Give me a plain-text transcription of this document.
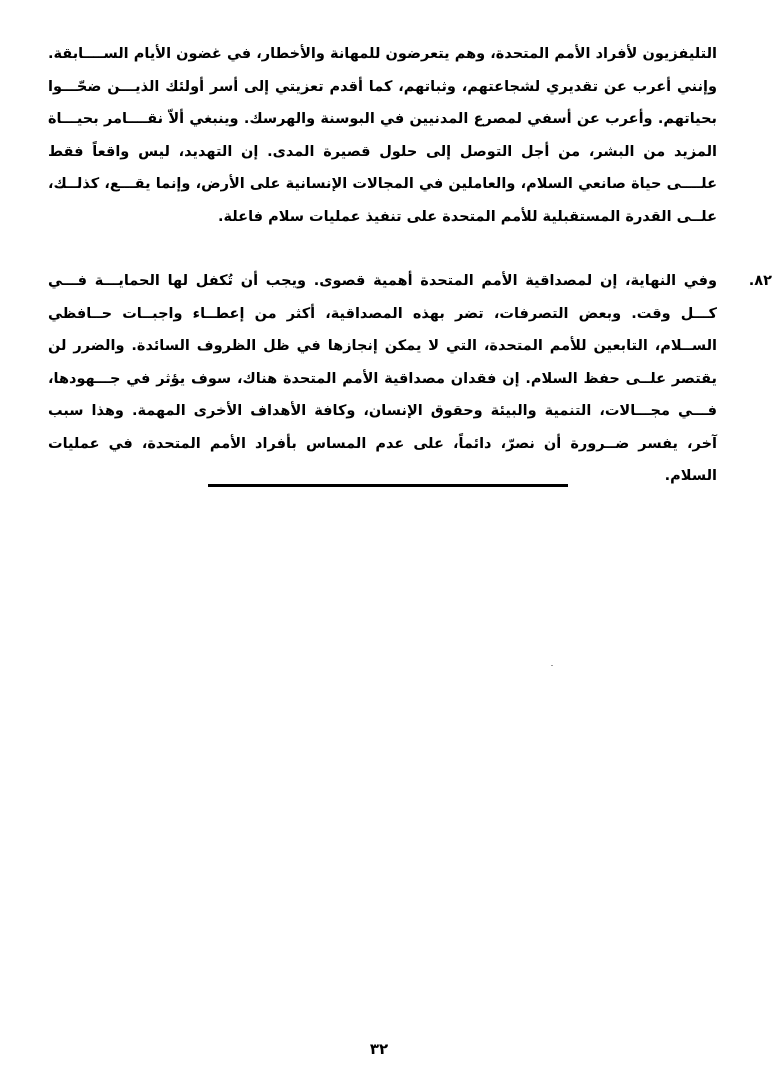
التليفزيون لأفراد الأمم المتحدة، وهم يتعرضون للمهانة والأخطار، في غضون الأيام الســــابقة. وإنني أعرب عن تقديري لشجاعتهم، وثباتهم، كما أقدم تعزيتي إلى أسر أولئك الذيـــن ضحّـــوا بحياتهم. وأعرب عن أسفي لمصرع المدنيين في البوسنة والهرسك. وينبغي ألاّ نقــــامر بحيـــاة المزيد من البشر، من أجل التوصل إلى حلول قصيرة المدى. إن التهديد، ليس واقعاً فقط علــــى حياة صانعي السلام، والعاملين في المجالات الإنسانية على الأرض، وإنما يقـــع، كذلــك، علــى القدرة المستقبلية للأمم المتحدة على تنفيذ عمليات سلام فاعلة.

٨٢.
وفي النهاية، إن لمصداقية الأمم المتحدة أهمية قصوى. ويجب أن تُكفل لها الحمايـــة فـــي كـــل وقت. وبعض التصرفات، تضر بهذه المصداقية، أكثر من إعطــاء واجبــات حــافظي الســلام، التابعين للأمم المتحدة، التي لا يمكن إنجازها في ظل الظروف السائدة. والضرر لن يقتصر علــى حفظ السلام. إن فقدان مصداقية الأمم المتحدة هناك، سوف يؤثر في جـــهودها، فـــي مجـــالات، التنمية والبيئة وحقوق الإنسان، وكافة الأهداف الأخرى المهمة. وهذا سبب آخر، يفسر ضــرورة أن نصرّ، دائماً، على عدم المساس بأفراد الأمم المتحدة، في عمليات السلام.

٣٢
